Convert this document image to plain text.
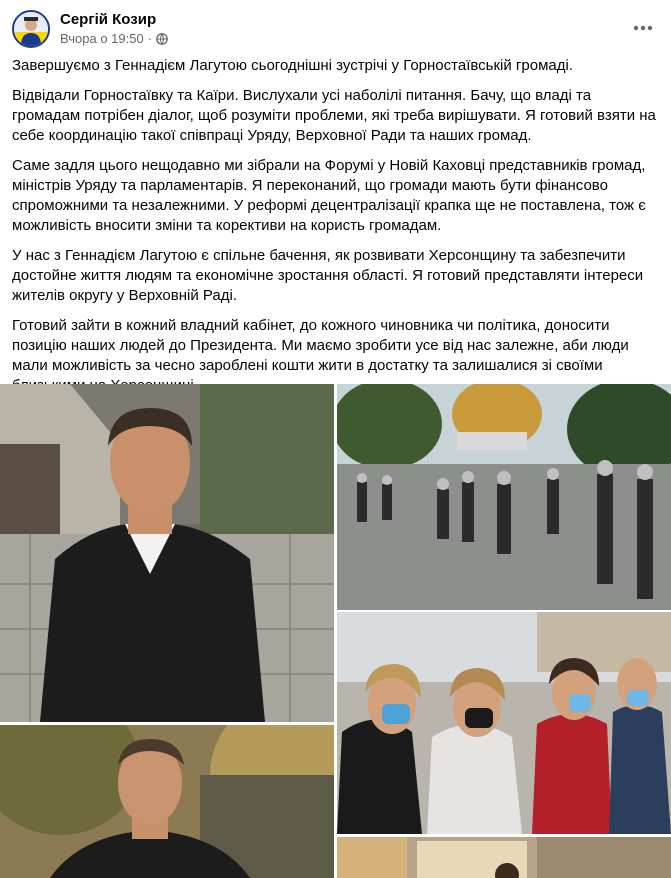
Сергій Козир
Вчора о 19:50 ·

Завершуємо з Геннадієм Лагутою сьогоднішні зустрічі у Горностаївській громаді.

Відвідали Горностаївку та Каїри. Вислухали усі наболілі питання. Бачу, що владі та громадам потрібен діалог, щоб розуміти проблеми, які треба вирішувати. Я готовий взяти на себе координацію такої співпраці Уряду, Верховної Ради та наших громад.

Саме задля цього нещодавно ми зібрали на Форумі у Новій Каховці представників громад, міністрів Уряду та парламентарів. Я переконаний, що громади мають бути фінансово спроможними та незалежними. У реформі децентралізації крапка ще не поставлена, тож є можливість вносити зміни та корективи на користь громадам.

У нас з Геннадієм Лагутою є спільне бачення, як розвивати Херсонщину та забезпечити достойне життя людям та економічне зростання області. Я готовий представляти інтереси жителів округу у Верховній Раді.

Готовий зайти в кожний владний кабінет, до кожного чиновника чи політика, доносити позицію наших людей до Президента. Ми маємо зробити усе від нас залежне, аби люди мали можливість за чесно зароблені кошти жити в достатку та залишалися зі своїми
